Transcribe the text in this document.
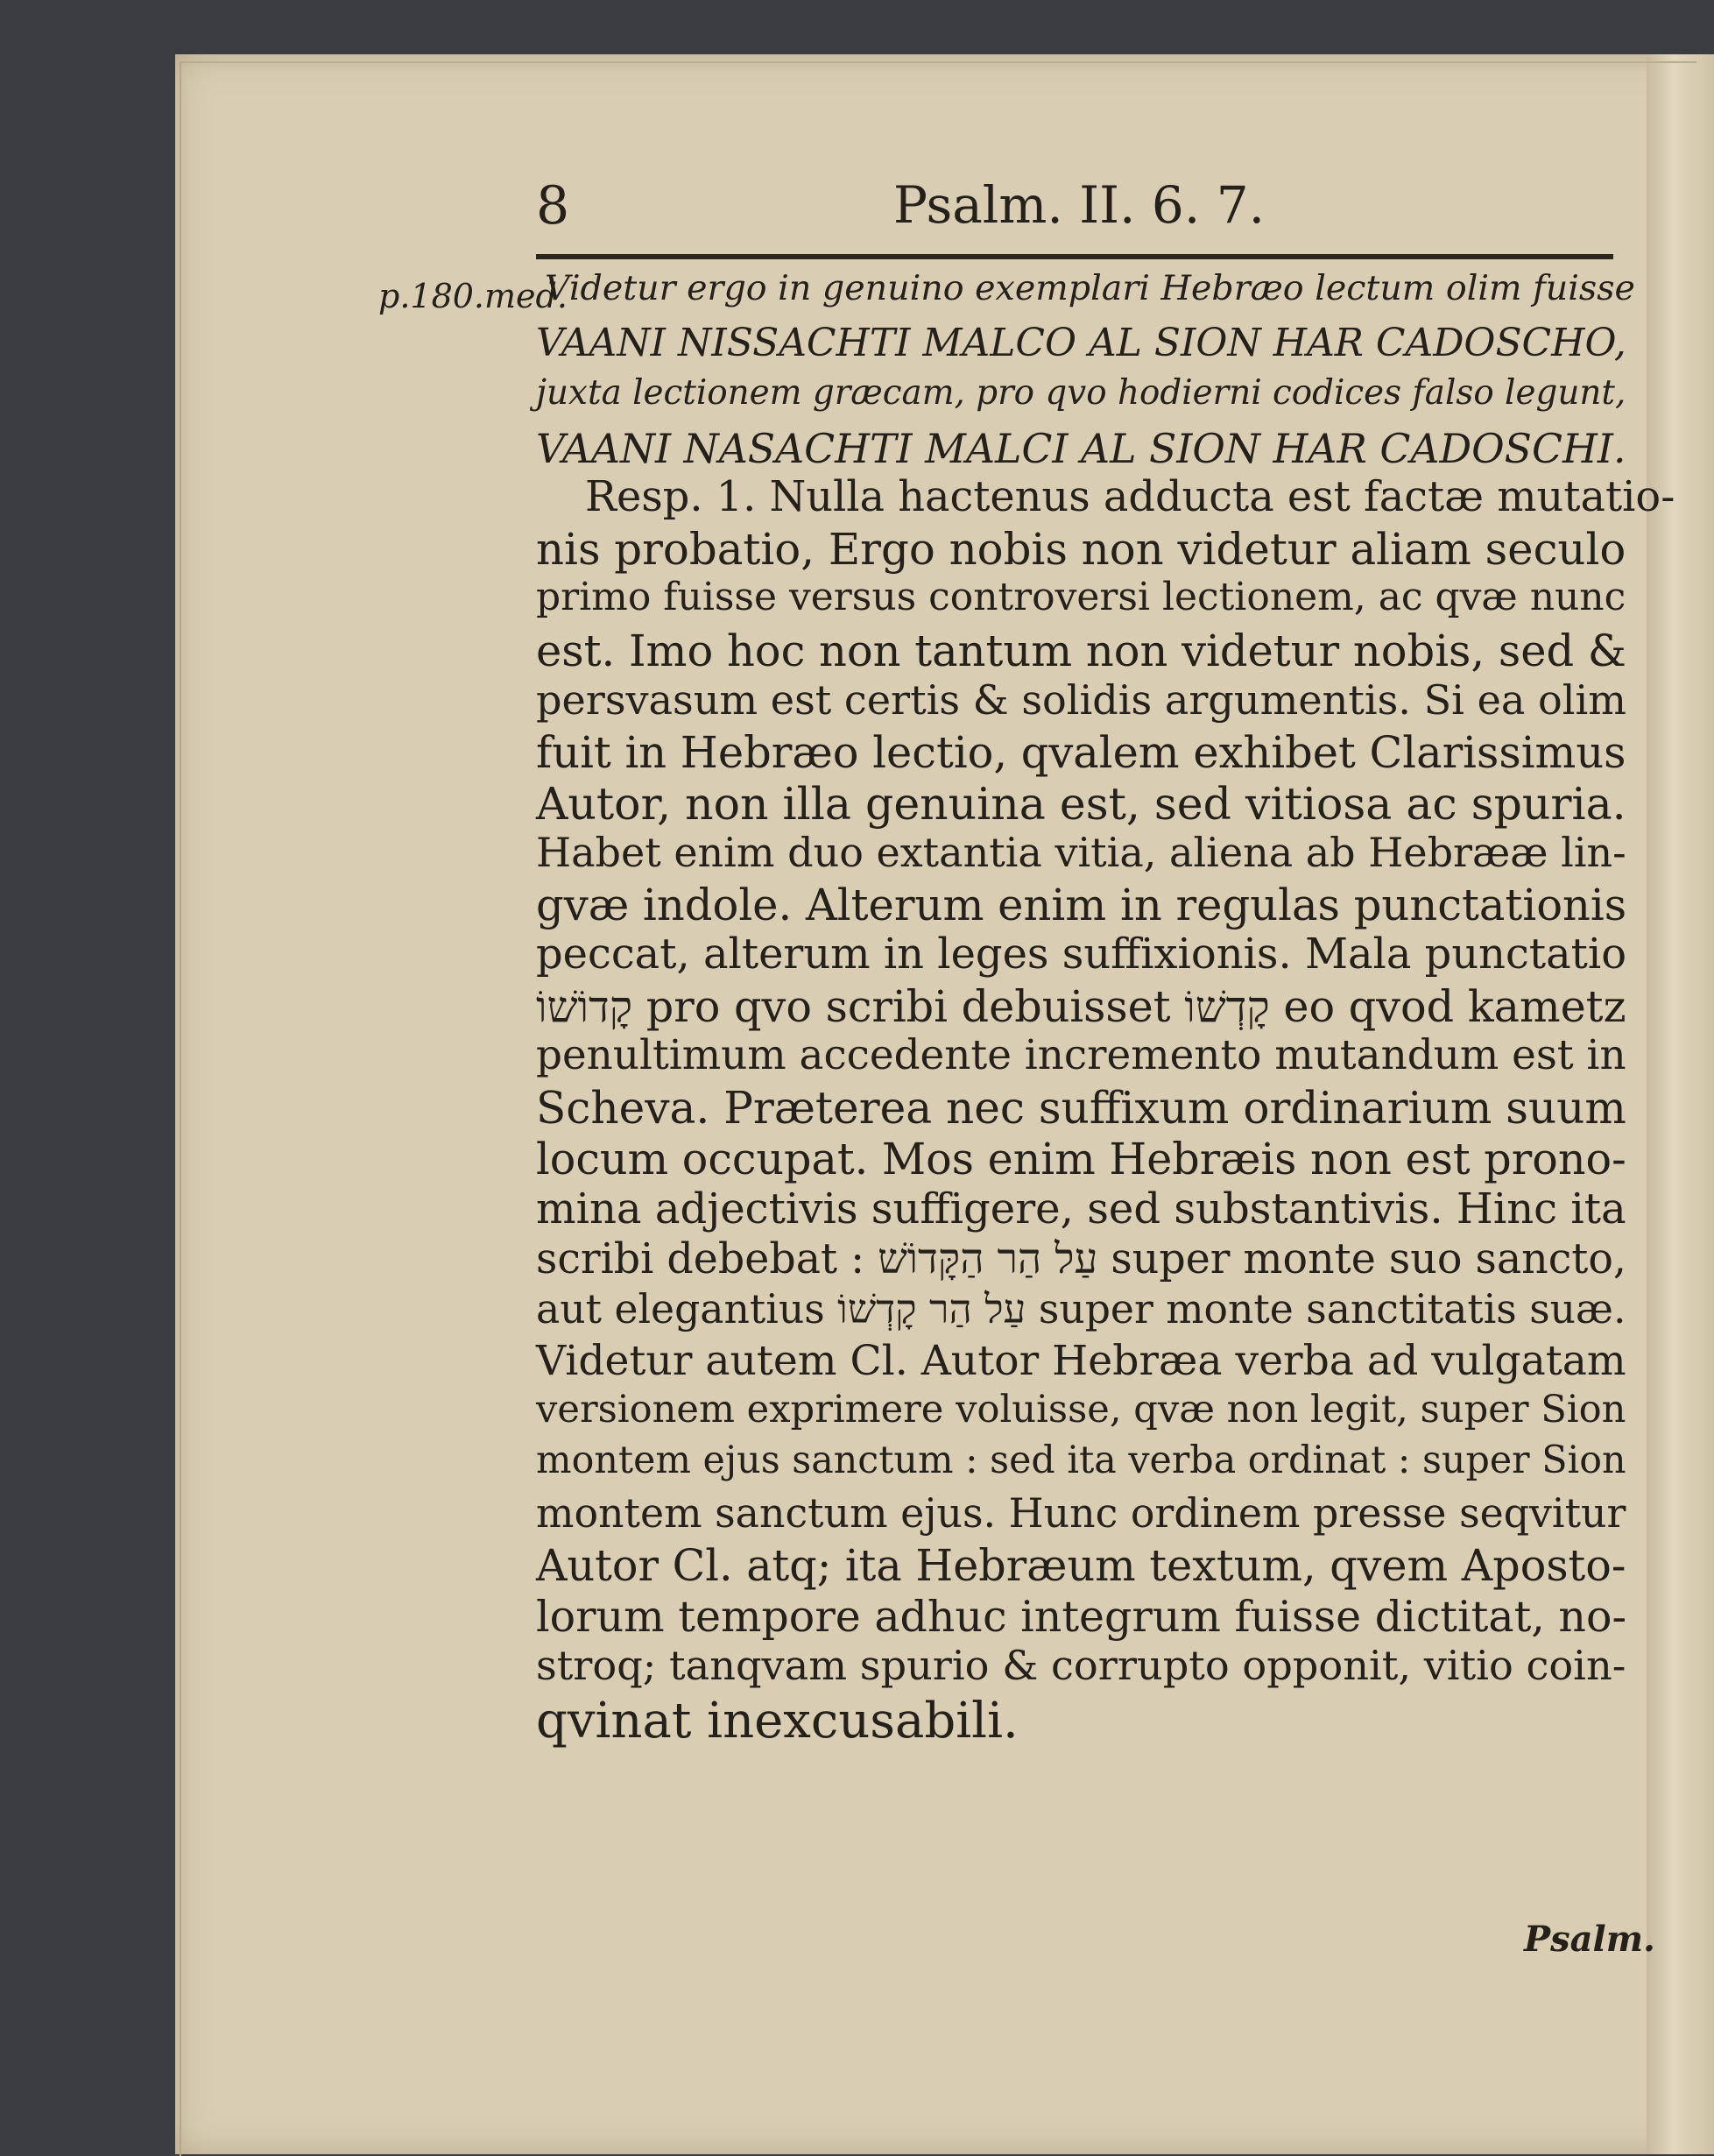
8	Psalm. II. 6. 7.
p.180.med.
Videtur ergo in genuino exemplari Hebræo lectum olim fuisse
VAANI NISSACHTI MALCO AL SION HAR CADOSCHO,
juxta lectionem græcam, pro qvo hodierni codices falso legunt,
VAANI NASACHTI MALCI AL SION HAR CADOSCHI.
Resp. 1. Nulla hactenus adducta est factæ mutatio-
nis probatio, Ergo nobis non videtur aliam seculo
primo fuisse versus controversi lectionem, ac qvæ nunc
est. Imo hoc non tantum non videtur nobis, sed &
persvasum est certis & solidis argumentis. Si ea olim
fuit in Hebræo lectio, qvalem exhibet Clarissimus
Autor, non illa genuina est, sed vitiosa ac spuria.
Habet enim duo extantia vitia, aliena ab Hebrææ lin-
gvæ indole. Alterum enim in regulas punctationis
peccat, alterum in leges suffixionis. Mala punctatio
קָדוֹשׁוֹ pro qvo scribi debuisset קָדְשׁוֹ eo qvod kametz
penultimum accedente incremento mutandum est in
Scheva. Præterea nec suffixum ordinarium suum
locum occupat. Mos enim Hebræis non est prono-
mina adjectivis suffigere, sed substantivis. Hinc ita
scribi debebat : עַל הַר הַקָּדוֹשׁ super monte suo sancto,
aut elegantius עַל הַר קָדְשׁוֹ super monte sanctitatis suæ.
Videtur autem Cl. Autor Hebræa verba ad vulgatam
versionem exprimere voluisse, qvæ non legit, super Sion
montem ejus sanctum : sed ita verba ordinat : super Sion
montem sanctum ejus. Hunc ordinem presse seqvitur
Autor Cl. atq; ita Hebræum textum, qvem Aposto-
lorum tempore adhuc integrum fuisse dictitat, no-
stroq; tanqvam spurio & corrupto opponit, vitio coin-
qvinat inexcusabili.
Psalm.
